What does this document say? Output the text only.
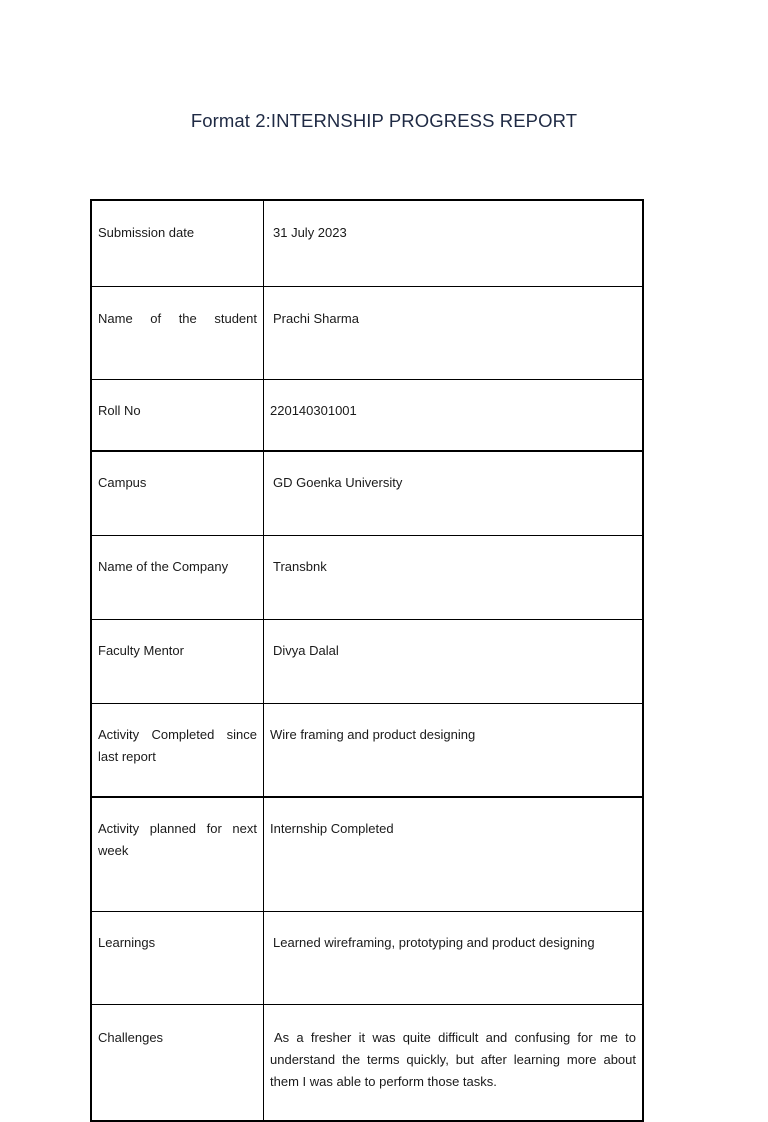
Format 2:INTERNSHIP PROGRESS REPORT
Submission date	31 July 2023
Name of the student	Prachi Sharma
Roll No	220140301001
Campus	GD Goenka University
Name of the Company	Transbnk
Faculty Mentor	Divya Dalal
Activity Completed since last report	Wire framing and product designing
Activity planned for next week	Internship Completed
Learnings	Learned wireframing, prototyping and product designing
Challenges	As a fresher it was quite difficult and confusing for me to understand the terms quickly, but after learning more about them I was able to perform those tasks.
